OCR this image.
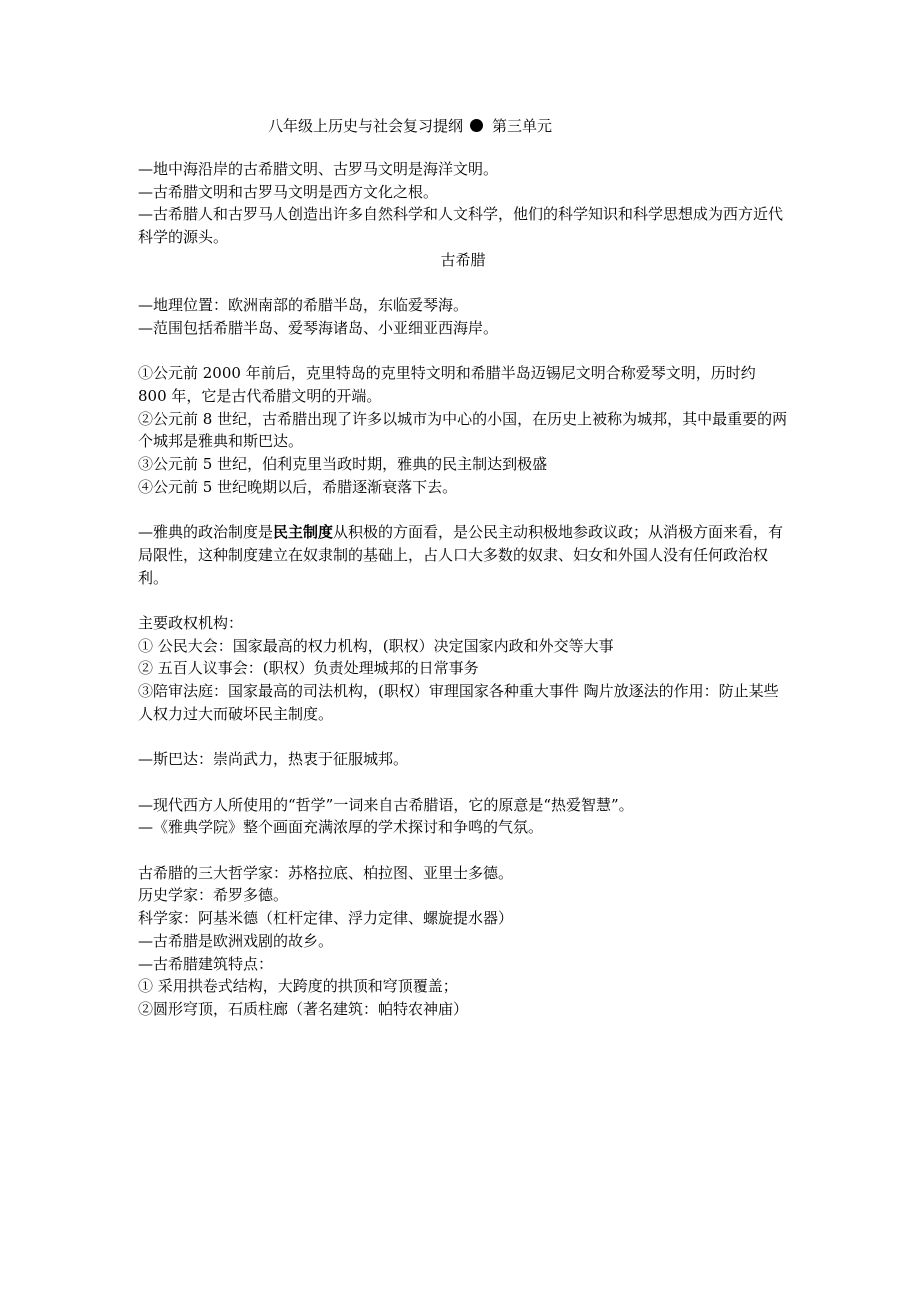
八年级上历史与社会复习提纲 第三单元

—地中海沿岸的古希腊文明、古罗马文明是海洋文明。

—古希腊文明和古罗马文明是西方文化之根。

—古希腊人和古罗马人创造出许多自然科学和人文科学，他们的科学知识和科学思想成为西方近代科学的源头。

古希腊

—地理位置：欧洲南部的希腊半岛，东临爱琴海。

—范围包括希腊半岛、爱琴海诸岛、小亚细亚西海岸。

①公元前 2000 年前后，克里特岛的克里特文明和希腊半岛迈锡尼文明合称爱琴文明，历时约 800 年，它是古代希腊文明的开端。

②公元前 8 世纪，古希腊出现了许多以城市为中心的小国，在历史上被称为城邦，其中最重要的两个城邦是雅典和斯巴达。

③公元前 5 世纪，伯利克里当政时期，雅典的民主制达到极盛

④公元前 5 世纪晚期以后，希腊逐渐衰落下去。

—雅典的政治制度是民主制度从积极的方面看，是公民主动积极地参政议政；从消极方面来看，有局限性，这种制度建立在奴隶制的基础上，占人口大多数的奴隶、妇女和外国人没有任何政治权利。

主要政权机构：

① 公民大会：国家最高的权力机构，(职权）决定国家内政和外交等大事

② 五百人议事会：(职权）负责处理城邦的日常事务

③陪审法庭：国家最高的司法机构，(职权）审理国家各种重大事件 陶片放逐法的作用：防止某些人权力过大而破坏民主制度。

—斯巴达：崇尚武力，热衷于征服城邦。

—现代西方人所使用的“哲学”一词来自古希腊语，它的原意是“热爱智慧”。

—《雅典学院》整个画面充满浓厚的学术探讨和争鸣的气氛。

古希腊的三大哲学家：苏格拉底、柏拉图、亚里士多德。

历史学家：希罗多德。

科学家：阿基米德（杠杆定律、浮力定律、螺旋提水器）

—古希腊是欧洲戏剧的故乡。

—古希腊建筑特点：

① 采用拱卷式结构，大跨度的拱顶和穹顶覆盖；

②圆形穹顶，石质柱廊（著名建筑：帕特农神庙）
